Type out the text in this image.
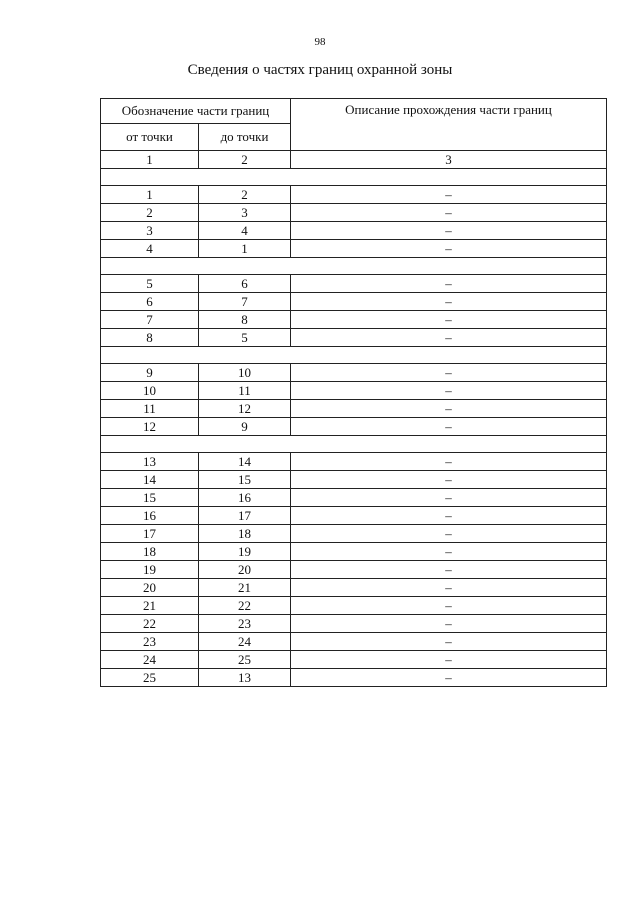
98
Сведения о частях границ охранной зоны
Обозначение части границ		Описание прохождения части границ
от точки	до точки	
1	2	3

1	2	–
2	3	–
3	4	–
4	1	–

5	6	–
6	7	–
7	8	–
8	5	–

9	10	–
10	11	–
11	12	–
12	9	–

13	14	–
14	15	–
15	16	–
16	17	–
17	18	–
18	19	–
19	20	–
20	21	–
21	22	–
22	23	–
23	24	–
24	25	–
25	13	–
